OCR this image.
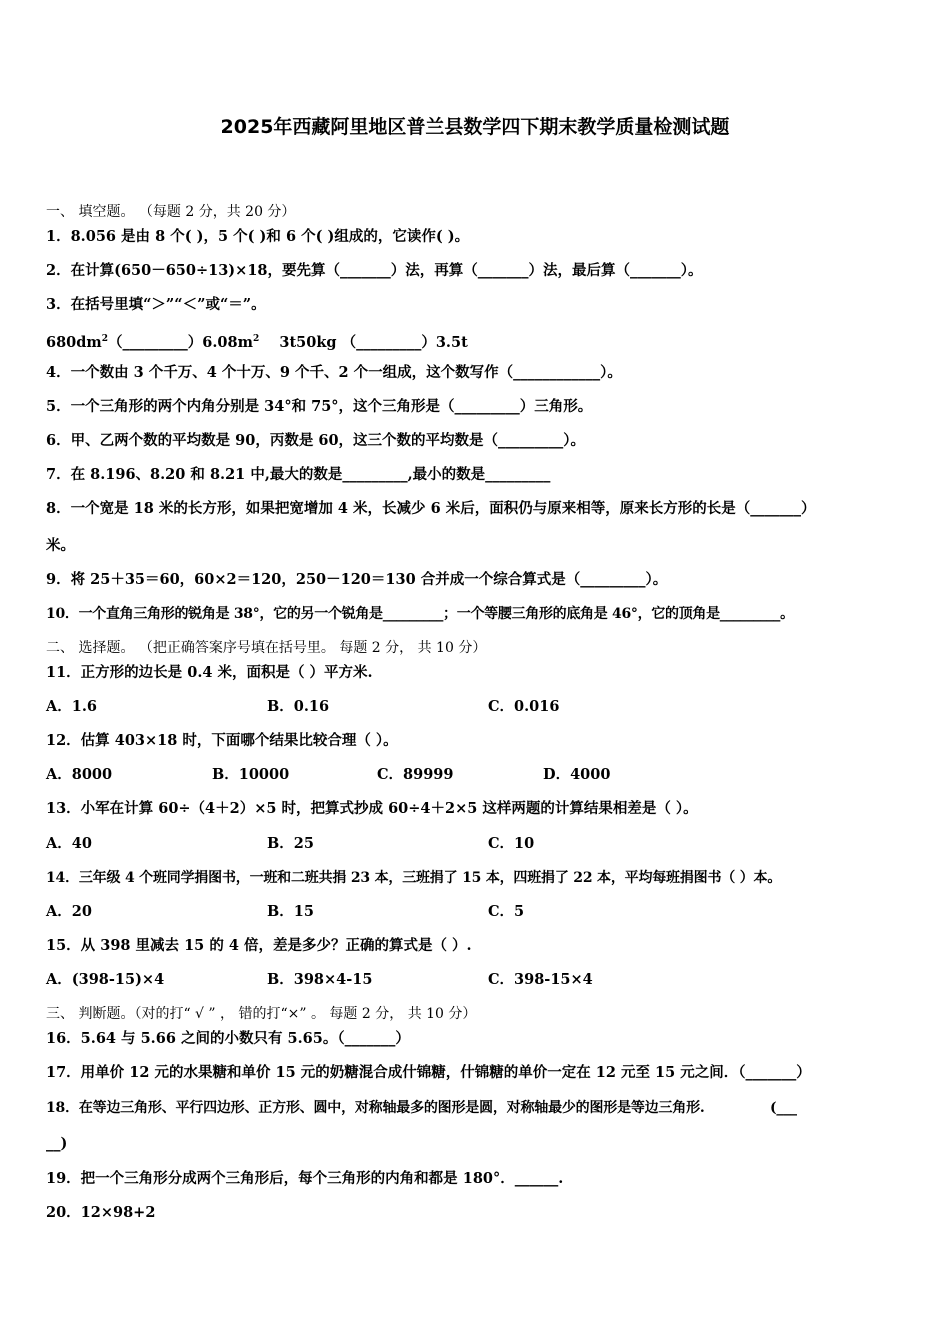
2025年西藏阿里地区普兰县数学四下期末教学质量检测试题
一、 填空题。 （每题 2 分，共 20 分）
1．8.056 是由 8 个( )，5 个( )和 6 个( )组成的，它读作( )。
2．在计算(650－650÷13)×18，要先算（_______）法，再算（_______）法，最后算（_______）。
3．在括号里填“＞”“＜”或“＝”。
$680dm^2(\_\_\_\_\_\_\_\_\_)6.08m^2$    3t50kg （_________）3.5t
4．一个数由 3 个千万、4 个十万、9 个千、2 个一组成，这个数写作（____________）。
5．一个三角形的两个内角分别是 34°和 75°，这个三角形是（_________）三角形。
6．甲、乙两个数的平均数是 90，丙数是 60，这三个数的平均数是（_________）。
7．在 8.196、8.20 和 8.21 中,最大的数是_________,最小的数是_________
8．一个宽是 18 米的长方形，如果把宽增加 4 米，长减少 6 米后，面积仍与原来相等，原来长方形的长是（_______）
米。
9．将 25＋35＝60，60×2＝120，250－120＝130 合并成一个综合算式是（_________）。
10．一个直角三角形的锐角是 38°，它的另一个锐角是_________；一个等腰三角形的底角是 46°，它的顶角是_________。
二、 选择题。 （把正确答案序号填在括号里。 每题 2 分， 共 10 分）
11．正方形的边长是 0.4 米，面积是（ ）平方米.
A．1.6	B．0.16	C．0.016
12．估算 403×18 时，下面哪个结果比较合理（ ）。
A．8000	B．10000	C．89999	D．4000
13．小军在计算 60÷（4＋2）×5 时，把算式抄成 60÷4＋2×5 这样两题的计算结果相差是（ ）。
A．40	B．25	C．10
14．三年级 4 个班同学捐图书，一班和二班共捐 23 本，三班捐了 15 本，四班捐了 22 本，平均每班捐图书（ ）本。
A．20	B．15	C．5
15．从 398 里减去 15 的 4 倍，差是多少？正确的算式是（ ）.
A．(398-15)×4	B．398×4-15	C．398-15×4
三、 判断题。（对的打“ √ ” ， 错的打“×” 。 每题 2 分， 共 10 分）
16．5.64 与 5.66 之间的小数只有 5.65。（_______）
17．用单价 12 元的水果糖和单价 15 元的奶糖混合成什锦糖，什锦糖的单价一定在 12 元至 15 元之间．（_______）
18．在等边三角形、平行四边形、正方形、圆中，对称轴最多的图形是圆，对称轴最少的图形是等边三角形.              (___
__)
19．把一个三角形分成两个三角形后，每个三角形的内角和都是 180°．______.
20．12×98+2
